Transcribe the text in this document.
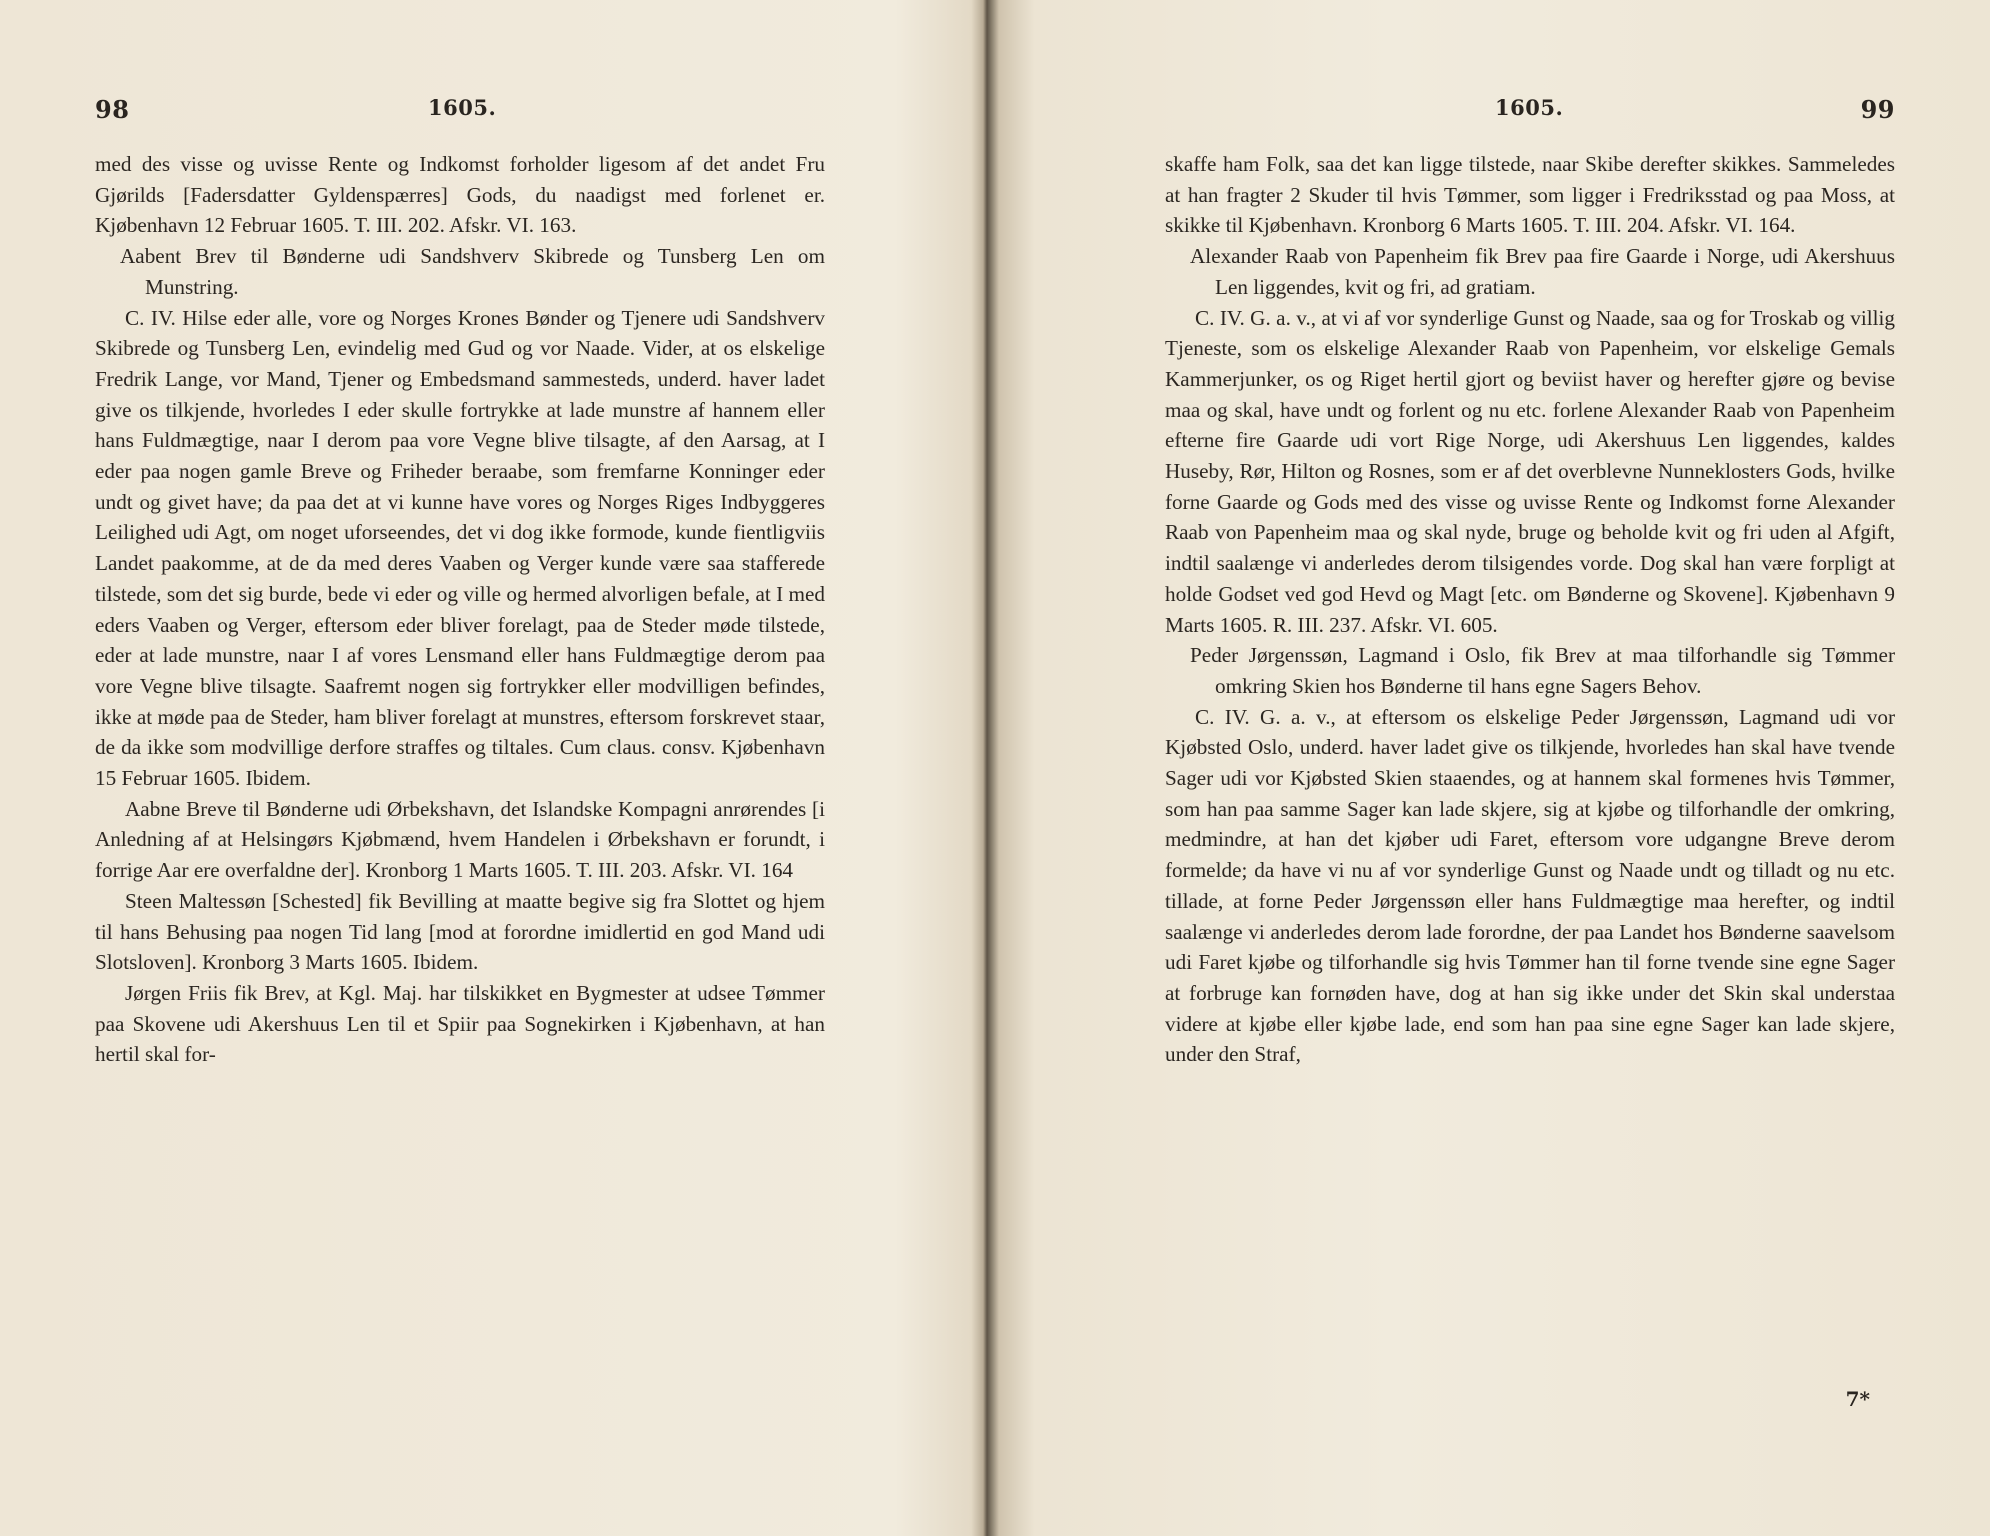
98	1605.

med des visse og uvisse Rente og Indkomst forholder ligesom af det andet Fru Gjørilds [Fadersdatter Gyldenspærres] Gods, du naadigst med forlenet er. Kjøbenhavn 12 Februar 1605. T. III. 202. Afskr. VI. 163.

Aabent Brev til Bønderne udi Sandshverv Skibrede og Tunsberg Len om Munstring.

C. IV. Hilse eder alle, vore og Norges Krones Bønder og Tjenere udi Sandshverv Skibrede og Tunsberg Len, evindelig med Gud og vor Naade. Vider, at os elskelige Fredrik Lange, vor Mand, Tjener og Embedsmand sammesteds, underd. haver ladet give os tilkjende, hvorledes I eder skulle fortrykke at lade munstre af hannem eller hans Fuldmægtige, naar I derom paa vore Vegne blive tilsagte, af den Aarsag, at I eder paa nogen gamle Breve og Friheder beraabe, som fremfarne Konninger eder undt og givet have; da paa det at vi kunne have vores og Norges Riges Indbyggeres Leilighed udi Agt, om noget uforseendes, det vi dog ikke formode, kunde fientligviis Landet paakomme, at de da med deres Vaaben og Verger kunde være saa stafferede tilstede, som det sig burde, bede vi eder og ville og hermed alvorligen befale, at I med eders Vaaben og Verger, eftersom eder bliver forelagt, paa de Steder møde tilstede, eder at lade munstre, naar I af vores Lensmand eller hans Fuldmægtige derom paa vore Vegne blive tilsagte. Saafremt nogen sig fortrykker eller modvilligen befindes, ikke at møde paa de Steder, ham bliver forelagt at munstres, eftersom forskrevet staar, de da ikke som modvillige derfore straffes og tiltales. Cum claus. consv. Kjøbenhavn 15 Februar 1605. Ibidem.

Aabne Breve til Bønderne udi Ørbekshavn, det Islandske Kompagni anrørendes [i Anledning af at Helsingørs Kjøbmænd, hvem Handelen i Ørbekshavn er forundt, i forrige Aar ere overfaldne der]. Kronborg 1 Marts 1605. T. III. 203. Afskr. VI. 164

Steen Maltessøn [Schested] fik Bevilling at maatte begive sig fra Slottet og hjem til hans Behusing paa nogen Tid lang [mod at forordne imidlertid en god Mand udi Slotsloven]. Kronborg 3 Marts 1605. Ibidem.

Jørgen Friis fik Brev, at Kgl. Maj. har tilskikket en Bygmester at udsee Tømmer paa Skovene udi Akershuus Len til et Spiir paa Sognekirken i Kjøbenhavn, at han hertil skal for-

1605.	99

skaffe ham Folk, saa det kan ligge tilstede, naar Skibe derefter skikkes. Sammeledes at han fragter 2 Skuder til hvis Tømmer, som ligger i Fredriksstad og paa Moss, at skikke til Kjøbenhavn. Kronborg 6 Marts 1605. T. III. 204. Afskr. VI. 164.

Alexander Raab von Papenheim fik Brev paa fire Gaarde i Norge, udi Akershuus Len liggendes, kvit og fri, ad gratiam.

C. IV. G. a. v., at vi af vor synderlige Gunst og Naade, saa og for Troskab og villig Tjeneste, som os elskelige Alexander Raab von Papenheim, vor elskelige Gemals Kammerjunker, os og Riget hertil gjort og beviist haver og herefter gjøre og bevise maa og skal, have undt og forlent og nu etc. forlene Alexander Raab von Papenheim efterne fire Gaarde udi vort Rige Norge, udi Akershuus Len liggendes, kaldes Huseby, Rør, Hilton og Rosnes, som er af det overblevne Nunneklosters Gods, hvilke forne Gaarde og Gods med des visse og uvisse Rente og Indkomst forne Alexander Raab von Papenheim maa og skal nyde, bruge og beholde kvit og fri uden al Afgift, indtil saalænge vi anderledes derom tilsigendes vorde. Dog skal han være forpligt at holde Godset ved god Hevd og Magt [etc. om Bønderne og Skovene]. Kjøbenhavn 9 Marts 1605. R. III. 237. Afskr. VI. 605.

Peder Jørgenssøn, Lagmand i Oslo, fik Brev at maa tilforhandle sig Tømmer omkring Skien hos Bønderne til hans egne Sagers Behov.

C. IV. G. a. v., at eftersom os elskelige Peder Jørgenssøn, Lagmand udi vor Kjøbsted Oslo, underd. haver ladet give os tilkjende, hvorledes han skal have tvende Sager udi vor Kjøbsted Skien staaendes, og at hannem skal formenes hvis Tømmer, som han paa samme Sager kan lade skjere, sig at kjøbe og tilforhandle der omkring, medmindre, at han det kjøber udi Faret, eftersom vore udgangne Breve derom formelde; da have vi nu af vor synderlige Gunst og Naade undt og tilladt og nu etc. tillade, at forne Peder Jørgenssøn eller hans Fuldmægtige maa herefter, og indtil saalænge vi anderledes derom lade forordne, der paa Landet hos Bønderne saavelsom udi Faret kjøbe og tilforhandle sig hvis Tømmer han til forne tvende sine egne Sager at forbruge kan fornøden have, dog at han sig ikke under det Skin skal understaa videre at kjøbe eller kjøbe lade, end som han paa sine egne Sager kan lade skjere, under den Straf,

7*
